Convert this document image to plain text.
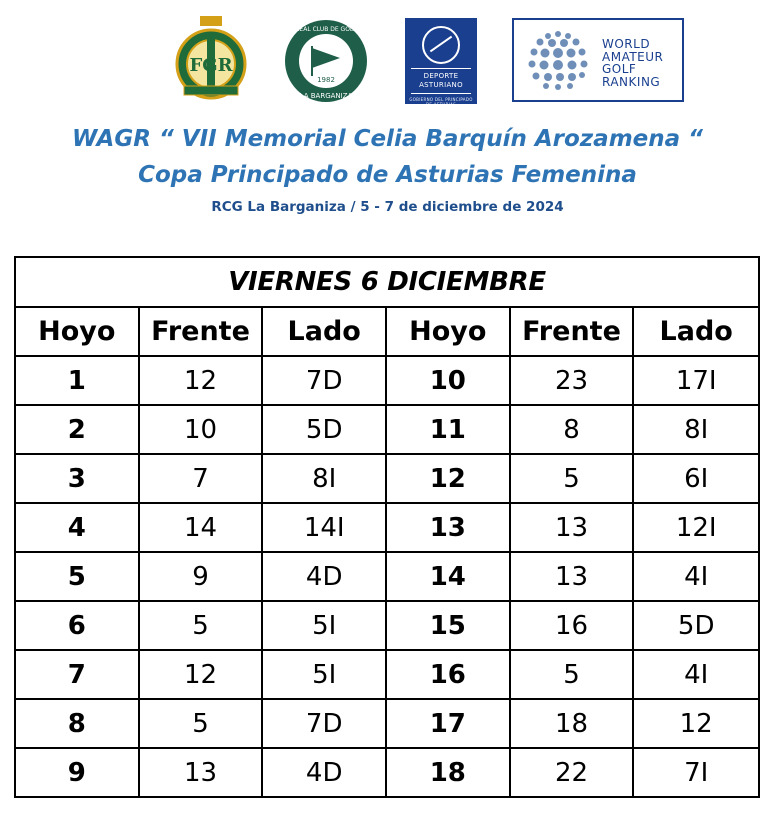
FGR
1982
REAL CLUB DE GOLF
LA BARGANIZA
DEPORTE
ASTURIANO
GOBIERNO DEL PRINCIPADO DE ASTURIAS
WORLD
AMATEUR
GOLF
RANKING
WAGR “ VII Memorial Celia Barquín Arozamena “
Copa Principado de Asturias Femenina
RCG La Barganiza / 5 - 7 de diciembre de 2024
VIERNES 6 DICIEMBRE					
Hoyo	Frente	Lado	Hoyo	Frente	Lado
1	12	7D	10	23	17I
2	10	5D	11	8	8I
3	7	8I	12	5	6I
4	14	14I	13	13	12I
5	9	4D	14	13	4I
6	5	5I	15	16	5D
7	12	5I	16	5	4I
8	5	7D	17	18	12
9	13	4D	18	22	7I
